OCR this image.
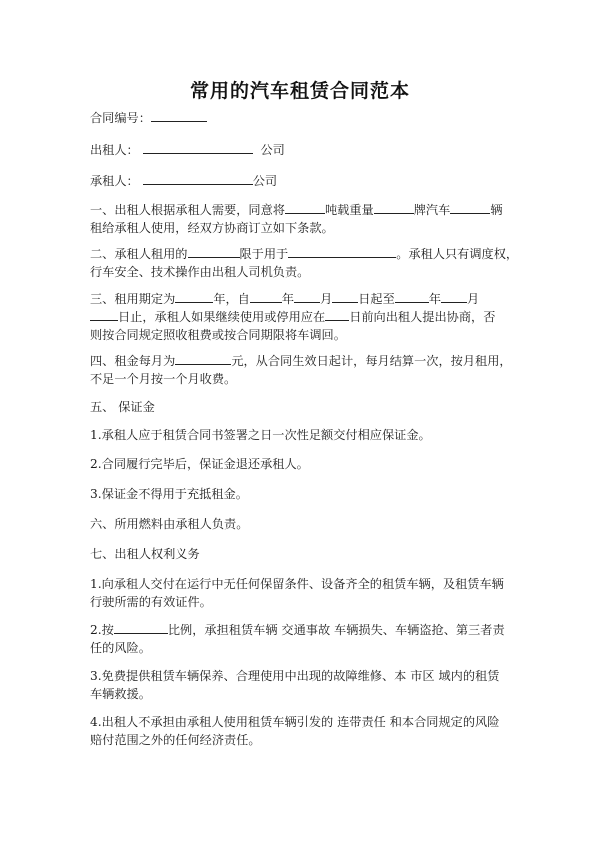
常用的汽车租赁合同范本
合同编号：
出租人：	公司
承租人：	公司
一、出租人根据承租人需要，同意将	吨载重量	牌汽车	辆
租给承租人使用，经双方协商订立如下条款。
二、承租人租用的	限于用于	。承租人只有调度权，
行车安全、技术操作由出租人司机负责。
三、租用期定为	年，自	年 月 日起至	年 月
日止，承租人如果继续使用或停用应在 日前向出租人提出协商，否
则按合同规定照收租费或按合同期限将车调回。
四、租金每月为	元，从合同生效日起计，每月结算一次，按月租用，
不足一个月按一个月收费。
五、 保证金
1.承租人应于租赁合同书签署之日一次性足额交付相应保证金。
2.合同履行完毕后，保证金退还承租人。
3.保证金不得用于充抵租金。
六、所用燃料由承租人负责。
七、出租人权利义务
1.向承租人交付在运行中无任何保留条件、设备齐全的租赁车辆，及租赁车辆
行驶所需的有效证件。
2.按	比例，承担租赁车辆 交通事故 车辆损失、车辆盗抢、第三者责
任的风险。
3.免费提供租赁车辆保养、合理使用中出现的故障维修、本 市区 域内的租赁
车辆救援。
4.出租人不承担由承租人使用租赁车辆引发的 连带责任 和本合同规定的风险
赔付范围之外的任何经济责任。
